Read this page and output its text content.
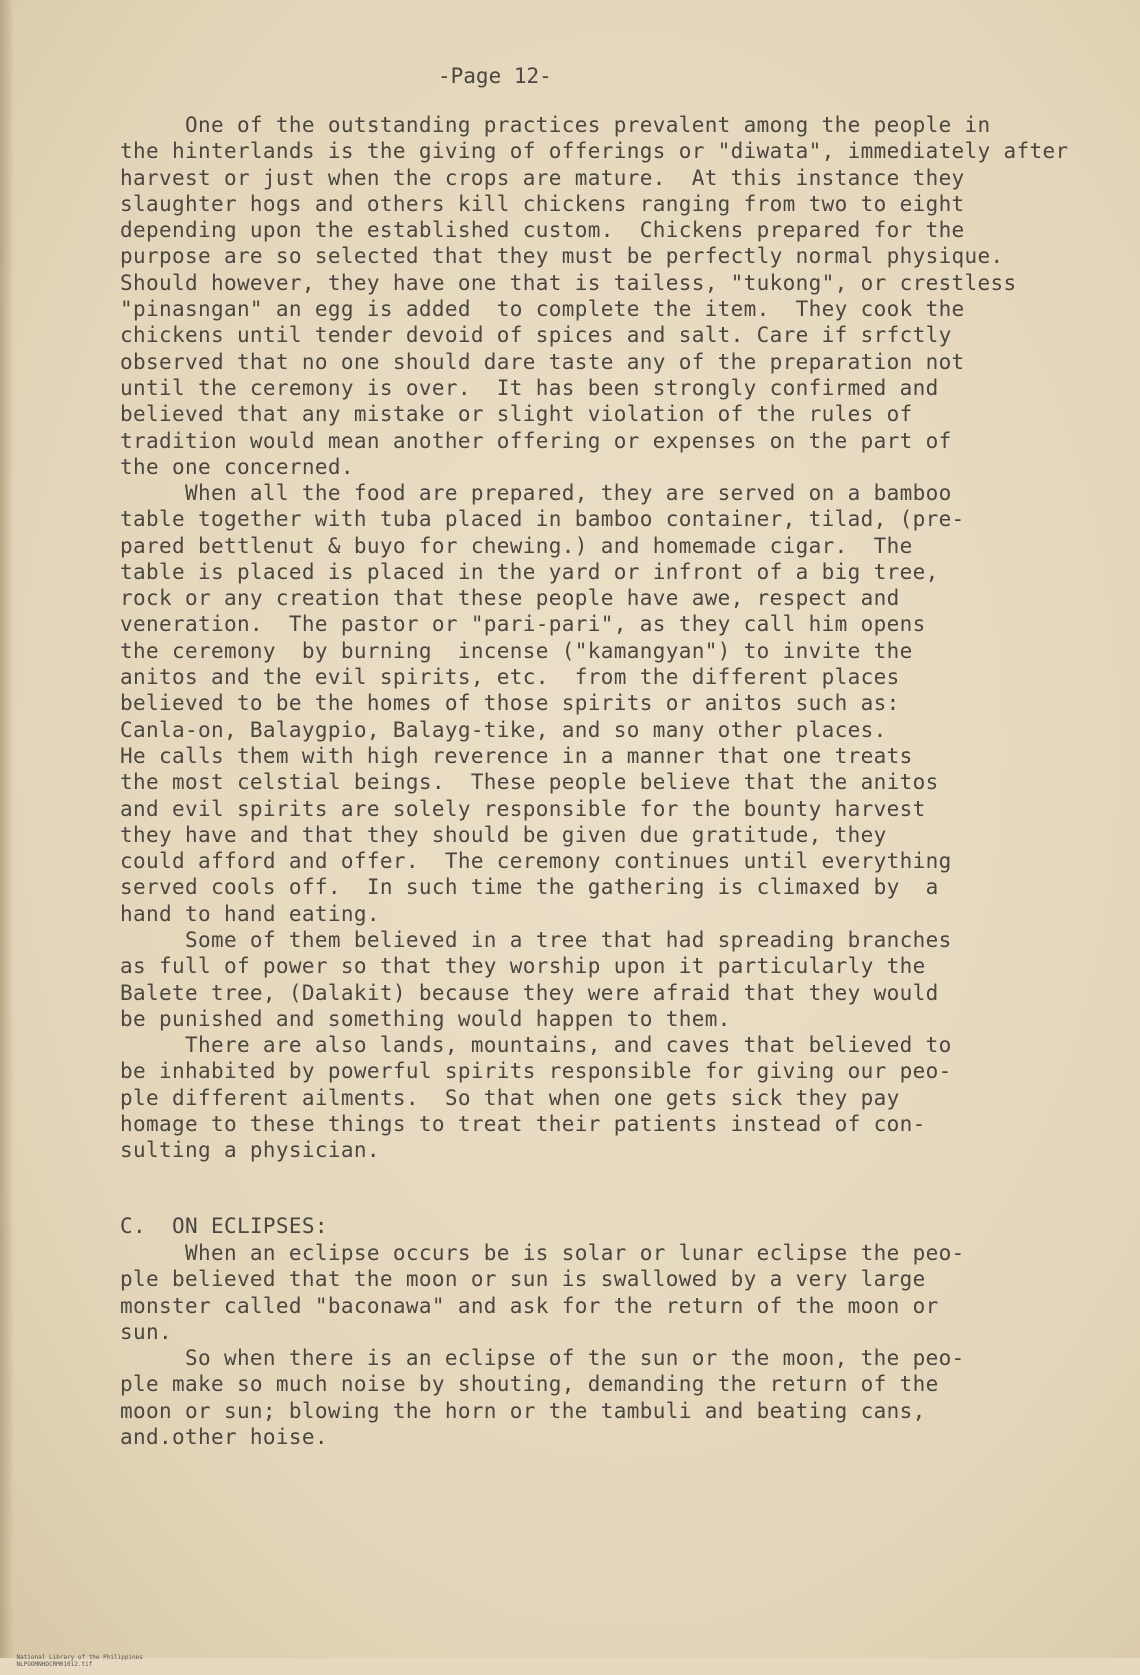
-Page 12-
One of the outstanding practices prevalent among the people in
the hinterlands is the giving of offerings or "diwata", immediately after
harvest or just when the crops are mature.  At this instance they
slaughter hogs and others kill chickens ranging from two to eight
depending upon the established custom.  Chickens prepared for the
purpose are so selected that they must be perfectly normal physique.
Should however, they have one that is tailess, "tukong", or crestless
"pinasngan" an egg is added  to complete the item.  They cook the
chickens until tender devoid of spices and salt. Care if srfctly
observed that no one should dare taste any of the preparation not
until the ceremony is over.  It has been strongly confirmed and
believed that any mistake or slight violation of the rules of
tradition would mean another offering or expenses on the part of
the one concerned.
When all the food are prepared, they are served on a bamboo
table together with tuba placed in bamboo container, tilad, (pre-
pared bettlenut & buyo for chewing.) and homemade cigar.  The
table is placed is placed in the yard or infront of a big tree,
rock or any creation that these people have awe, respect and
veneration.  The pastor or "pari-pari", as they call him opens
the ceremony  by burning  incense ("kamangyan") to invite the
anitos and the evil spirits, etc.  from the different places
believed to be the homes of those spirits or anitos such as:
Canla-on, Balaygpio, Balayg-tike, and so many other places.
He calls them with high reverence in a manner that one treats
the most celstial beings.  These people believe that the anitos
and evil spirits are solely responsible for the bounty harvest
they have and that they should be given due gratitude, they
could afford and offer.  The ceremony continues until everything
served cools off.  In such time the gathering is climaxed by  a
hand to hand eating.
Some of them believed in a tree that had spreading branches
as full of power so that they worship upon it particularly the
Balete tree, (Dalakit) because they were afraid that they would
be punished and something would happen to them.
There are also lands, mountains, and caves that believed to
be inhabited by powerful spirits responsible for giving our peo-
ple different ailments.  So that when one gets sick they pay
homage to these things to treat their patients instead of con-
sulting a physician.
C.  ON ECLIPSES:
When an eclipse occurs be is solar or lunar eclipse the peo-
ple believed that the moon or sun is swallowed by a very large
monster called "baconawa" and ask for the return of the moon or
sun.
So when there is an eclipse of the sun or the moon, the peo-
ple make so much noise by shouting, demanding the return of the
moon or sun; blowing the horn or the tambuli and beating cans,
and.other hoise.

National Library of the Philippines
NLPOOMNHDCRM01012.tif
